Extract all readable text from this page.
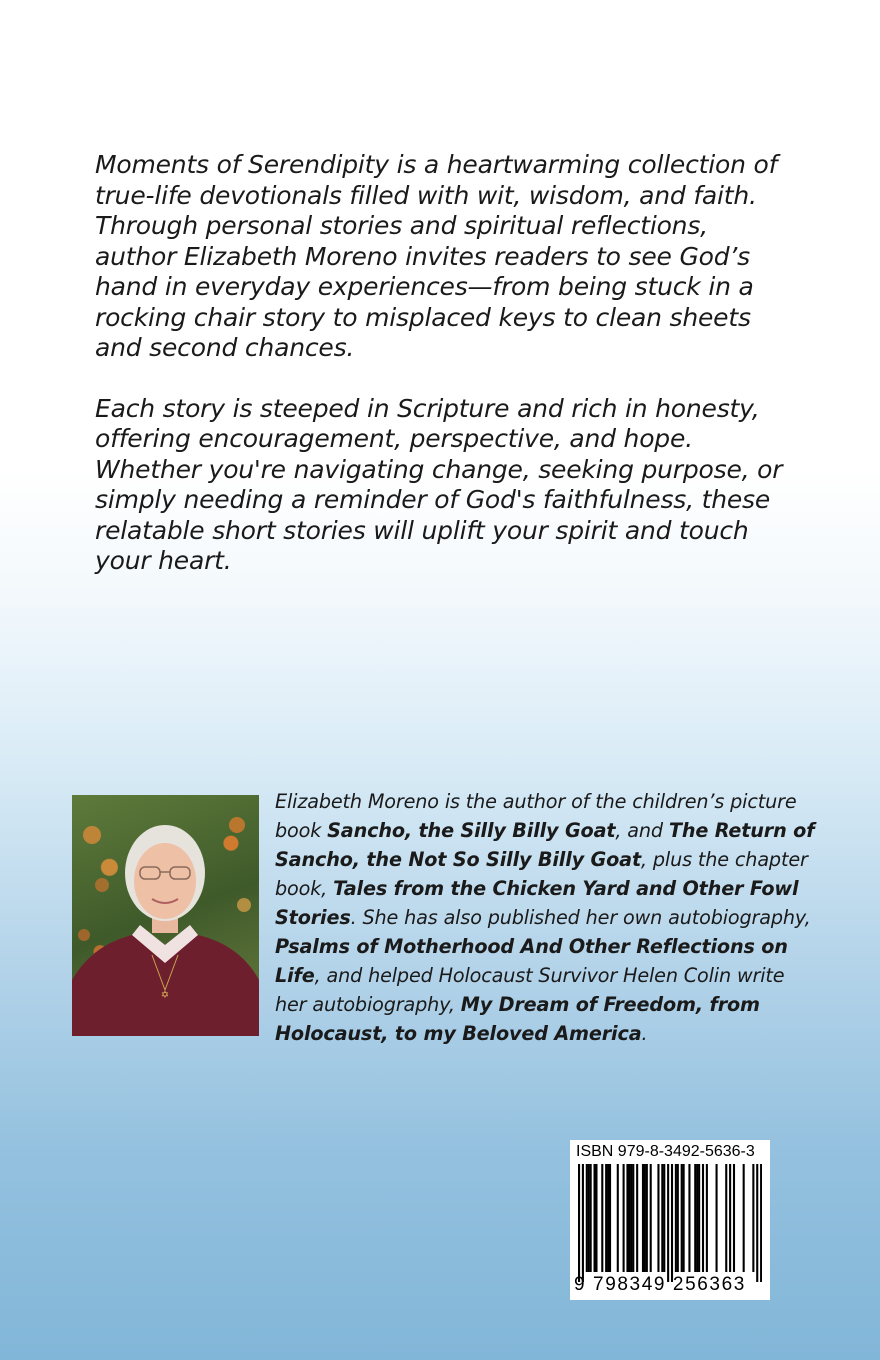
Moments of Serendipity is a heartwarming collection of true-life devotionals filled with wit, wisdom, and faith. Through personal stories and spiritual reflections, author Elizabeth Moreno invites readers to see God’s hand in everyday experiences—from being stuck in a rocking chair story to misplaced keys to clean sheets and second chances.

Each story is steeped in Scripture and rich in honesty, offering encouragement, perspective, and hope. Whether you're navigating change, seeking purpose, or simply needing a reminder of God's faithfulness, these relatable short stories will uplift your spirit and touch your heart.

✡
Elizabeth Moreno is the author of the children’s picture book Sancho, the Silly Billy Goat, and The Return of Sancho, the Not So Silly Billy Goat, plus the chapter book, Tales from the Chicken Yard and Other Fowl Stories. She has also published her own autobiography, Psalms of Motherhood And Other Reflections on Life, and helped Holocaust Survivor Helen Colin write her autobiography, My Dream of Freedom, from Holocaust, to my Beloved America.
ISBN 979-8-3492-5636-3
9 798349 256363
